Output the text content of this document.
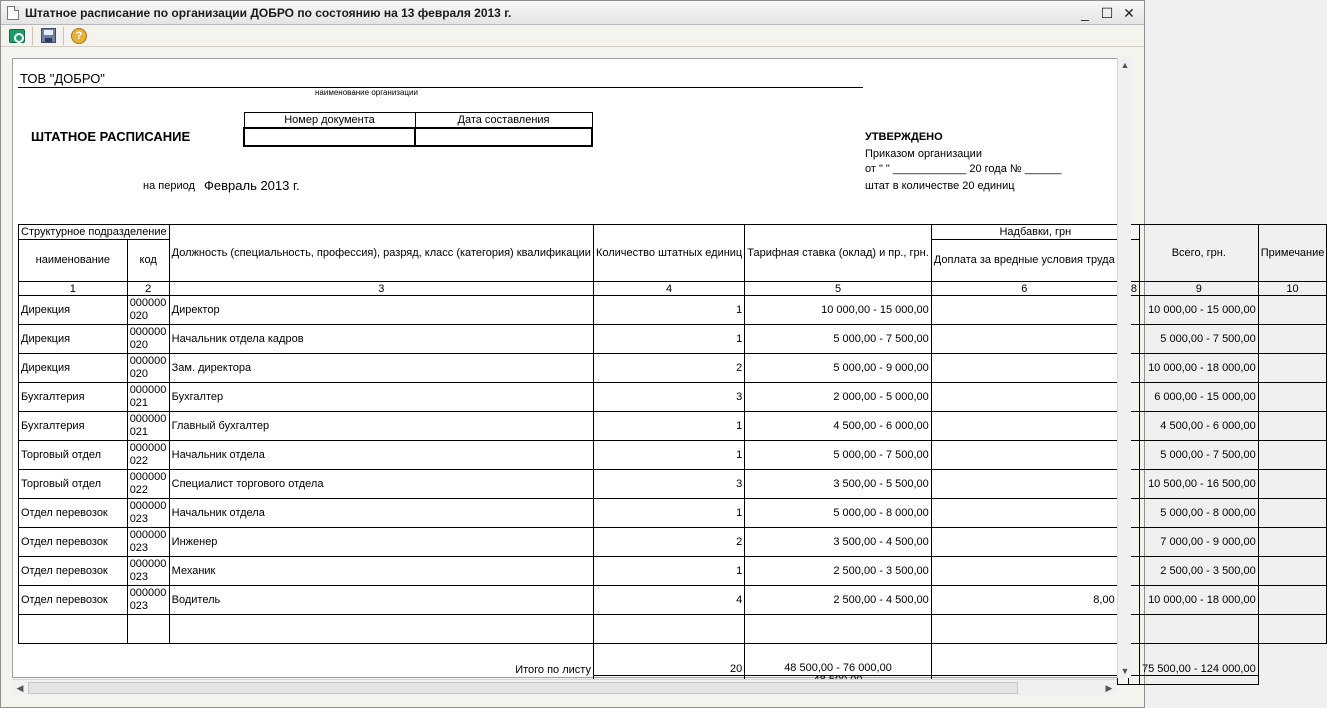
Штатное расписание по организации ДОБРО по состоянию на 13 февраля 2013 г.	_ ☐ ✕
?
ТОВ "ДОБРО"
наименование организации
ШТАТНОЕ РАСПИСАНИЕ
Номер документа	Дата составления

на период Февраль 2013 г.
УТВЕРЖДЕНО
Приказом организации
от " " ____________ 20 года № ______
штат в количестве 20 единиц
Структурное подразделение		Должность (специальность, профессия), разряд, класс (категория) квалификации	Количество штатных единиц	Тарифная ставка (оклад) и пр., грн.	Надбавки, грн			Всего, грн.	Примечание
наименование	код				Доплата за вредные условия труда				
1	2	3	4	5	6		8	9	10
Дирекция	000000 020	Директор	1	10 000,00 - 15 000,00				10 000,00 - 15 000,00	
Дирекция	000000 020	Начальник отдела кадров	1	5 000,00 - 7 500,00				5 000,00 - 7 500,00	
Дирекция	000000 020	Зам. директора	2	5 000,00 - 9 000,00				10 000,00 - 18 000,00	
Бухгалтерия	000000 021	Бухгалтер	3	2 000,00 - 5 000,00				6 000,00 - 15 000,00	
Бухгалтерия	000000 021	Главный бухгалтер	1	4 500,00 - 6 000,00				4 500,00 - 6 000,00	
Торговый отдел	000000 022	Начальник отдела	1	5 000,00 - 7 500,00				5 000,00 - 7 500,00	
Торговый отдел	000000 022	Специалист торгового отдела	3	3 500,00 - 5 500,00				10 500,00 - 16 500,00	
Отдел перевозок	000000 023	Начальник отдела	1	5 000,00 - 8 000,00				5 000,00 - 8 000,00	
Отдел перевозок	000000 023	Инженер	2	3 500,00 - 4 500,00				7 000,00 - 9 000,00	
Отдел перевозок	000000 023	Механик	1	2 500,00 - 3 500,00				2 500,00 - 3 500,00	
Отдел перевозок	000000 023	Водитель	4	2 500,00 - 4 500,00	8,00			10 000,00 - 18 000,00	

Итого по листу			20	48 500,00 - 76 000,00				75 500,00 - 124 000,00	

▲
▼
◀	▶
